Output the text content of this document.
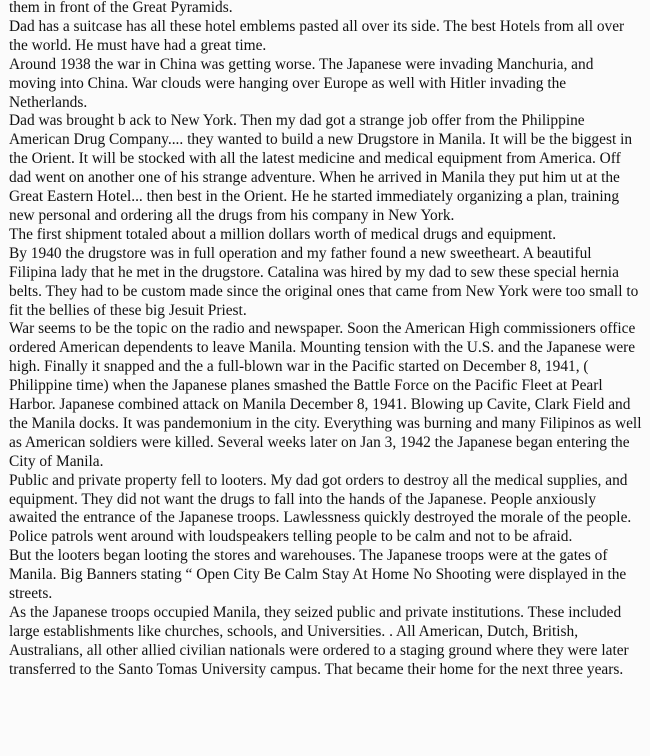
them in front of the Great Pyramids.

Dad has a suitcase has all these hotel emblems pasted all over its side. The best Hotels from all over the world. He must have had a great time.

Around 1938 the war in China was getting worse. The Japanese were invading Manchuria, and moving into China. War clouds were hanging over Europe as well with Hitler invading the Netherlands.

Dad was brought b ack to New York. Then my dad got a strange job offer from the Philippine American Drug Company.... they wanted to build a new Drugstore in Manila. It will be the biggest in the Orient. It will be stocked with all the latest medicine and medical equipment from America. Off dad went on another one of his strange adventure. When he arrived in Manila they put him ut at the Great Eastern Hotel... then best in the Orient. He he started immediately organizing a plan, training new personal and ordering all the drugs from his company in New York.

The first shipment totaled about a million dollars worth of medical drugs and equipment.

By 1940 the drugstore was in full operation and my father found a new sweetheart. A beautiful Filipina lady that he met in the drugstore. Catalina was hired by my dad to sew these special hernia belts. They had to be custom made since the original ones that came from New York were too small to fit the bellies of these big Jesuit Priest.

War seems to be the topic on the radio and newspaper. Soon the American High commissioners office ordered American dependents to leave Manila. Mounting tension with the U.S. and the Japanese were high. Finally it snapped and the a full-blown war in the Pacific started on December 8, 1941, ( Philippine time) when the Japanese planes smashed the Battle Force on the Pacific Fleet at Pearl Harbor. Japanese combined attack on Manila December 8, 1941. Blowing up Cavite, Clark Field and the Manila docks. It was pandemonium in the city. Everything was burning and many Filipinos as well as American soldiers were killed. Several weeks later on Jan 3, 1942 the Japanese began entering the City of Manila.

Public and private property fell to looters. My dad got orders to destroy all the medical supplies, and equipment. They did not want the drugs to fall into the hands of the Japanese. People anxiously awaited the entrance of the Japanese troops. Lawlessness quickly destroyed the morale of the people.

Police patrols went around with loudspeakers telling people to be calm and not to be afraid.

But the looters began looting the stores and warehouses. The Japanese troops were at the gates of Manila. Big Banners stating “ Open City Be Calm Stay At Home No Shooting were displayed in the streets.

As the Japanese troops occupied Manila, they seized public and private institutions. These included large establishments like churches, schools, and Universities. . All American, Dutch, British, Australians, all other allied civilian nationals were ordered to a staging ground where they were later transferred to the Santo Tomas University campus. That became their home for the next three years.
